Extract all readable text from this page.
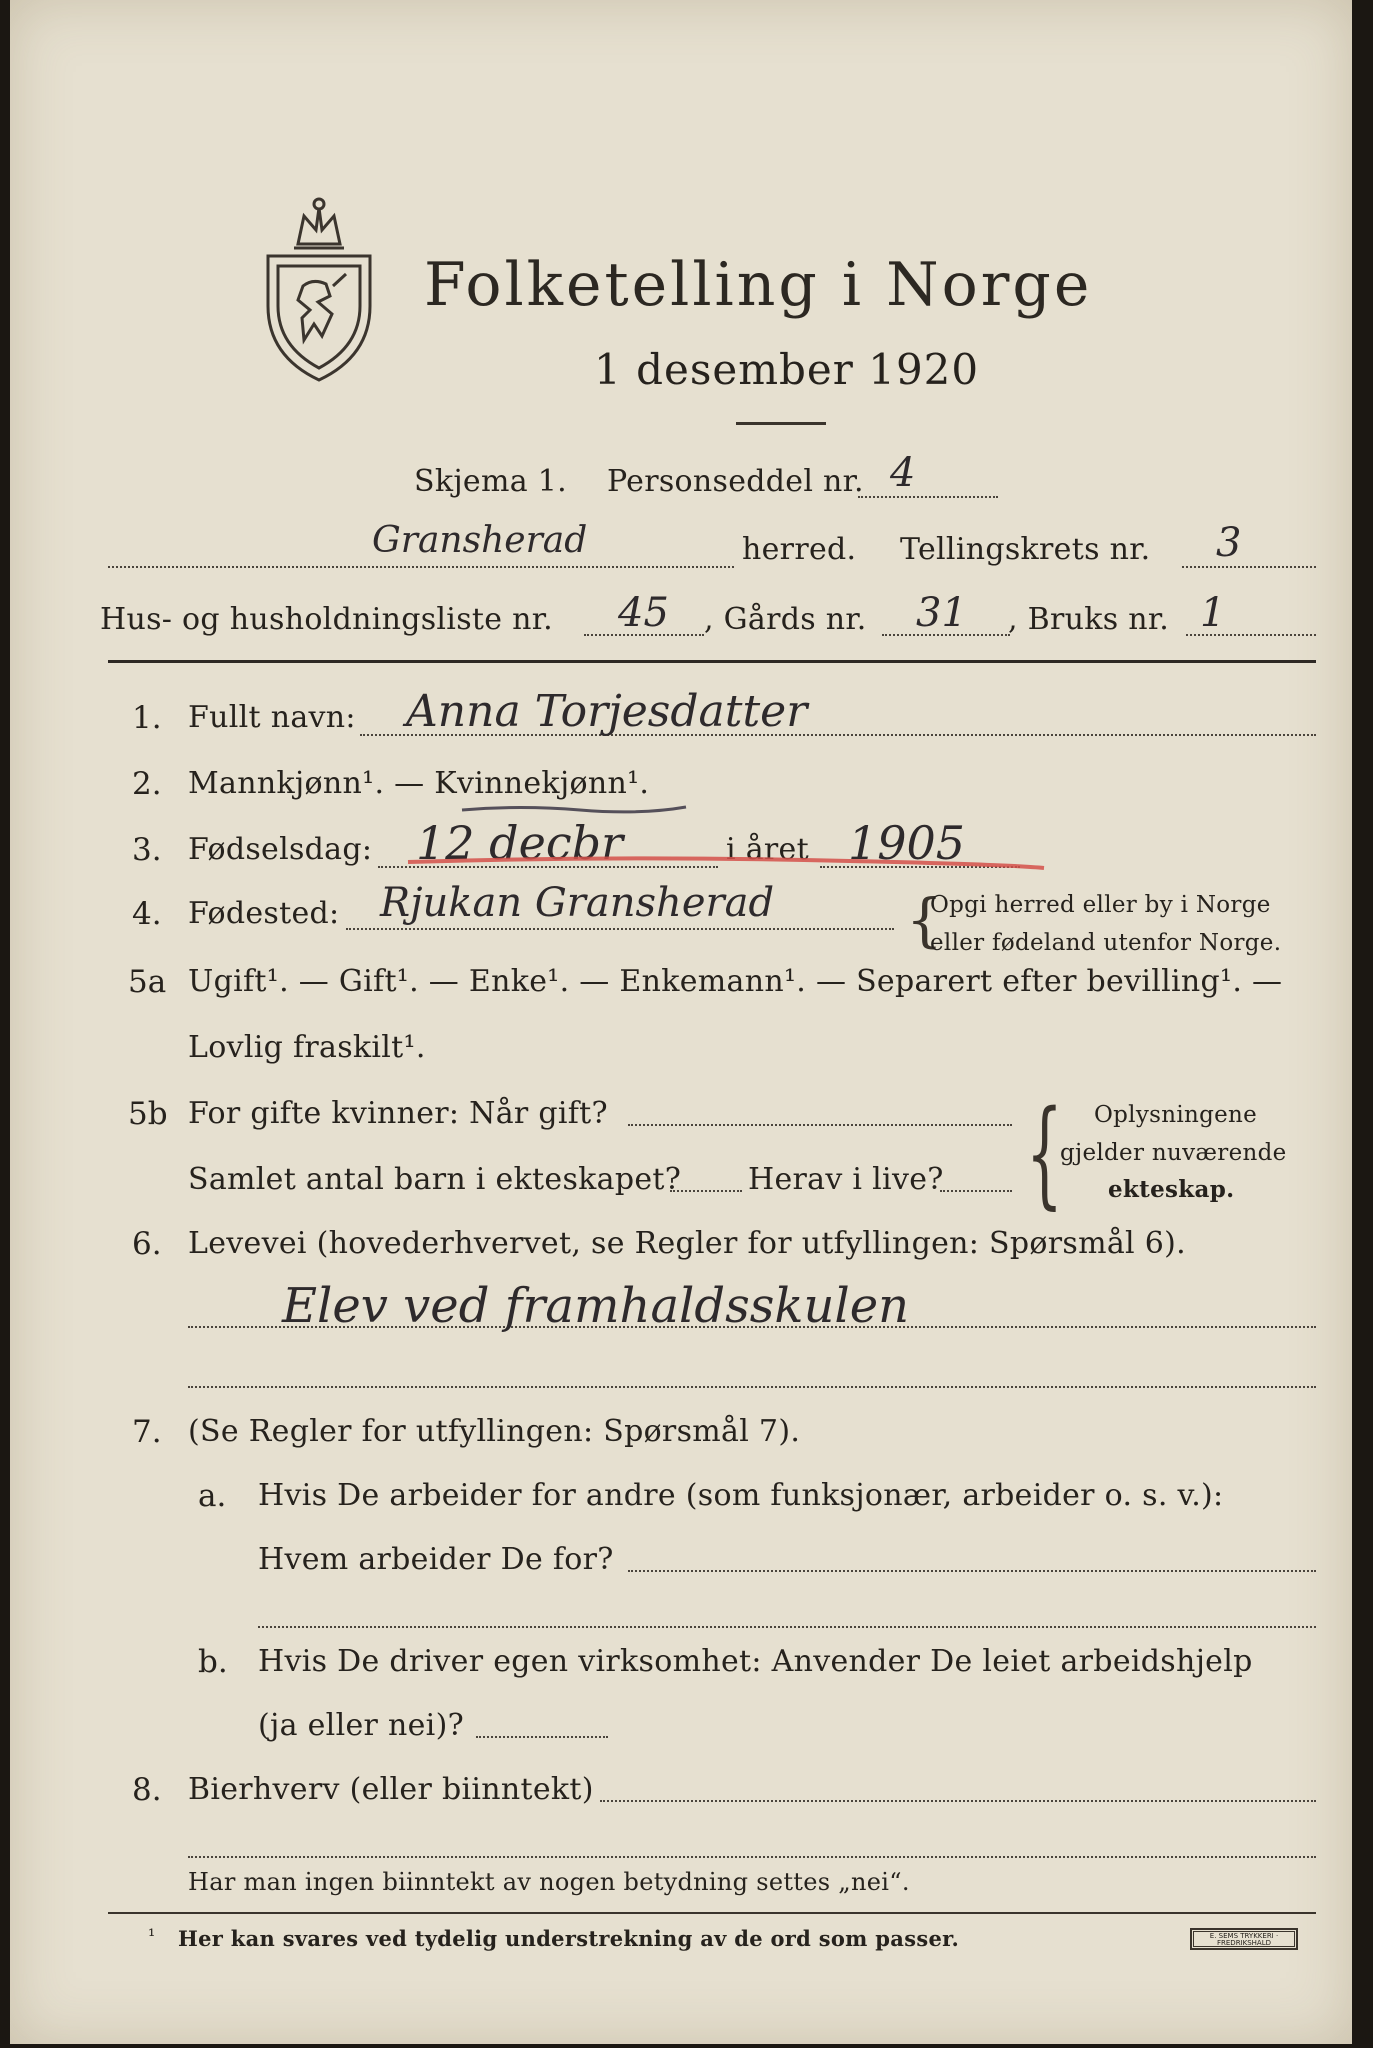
Folketelling i Norge
1 desember 1920
Skjema 1. Personseddel nr. 4
Gransherad	herred. Tellingskrets nr. 3
Hus- og husholdningsliste nr. 45 , Gårds nr. 31 , Bruks nr. 1
1. Fullt navn: Anna Torjesdatter
2. Mannkjønn¹. — Kvinnekjønn¹.
3. Fødselsdag: 12 decbr	i året 1905
4. Fødested: Rjukan Gransherad {
Opgi herred eller by i Norge
eller fødeland utenfor Norge.
5a Ugift¹. — Gift¹. — Enke¹. — Enkemann¹. — Separert efter bevilling¹. —
Lovlig fraskilt¹.
5b For gifte kvinner: Når gift?
Samlet antal barn i ekteskapet? Herav i live? { Oplysningene
gjelder nuværende
ekteskap.
6. Levevei (hovederhvervet, se Regler for utfyllingen: Spørsmål 6).
Elev ved framhaldsskulen
7. (Se Regler for utfyllingen: Spørsmål 7).
a. Hvis De arbeider for andre (som funksjonær, arbeider o. s. v.):
Hvem arbeider De for?
b. Hvis De driver egen virksomhet: Anvender De leiet arbeidshjelp
(ja eller nei)?
8. Bierhverv (eller biinntekt)
Har man ingen biinntekt av nogen betydning settes „nei“.
¹ Her kan svares ved tydelig understrekning av de ord som passer.	E. SEMS TRYKKERI · FREDRIKSHALD
